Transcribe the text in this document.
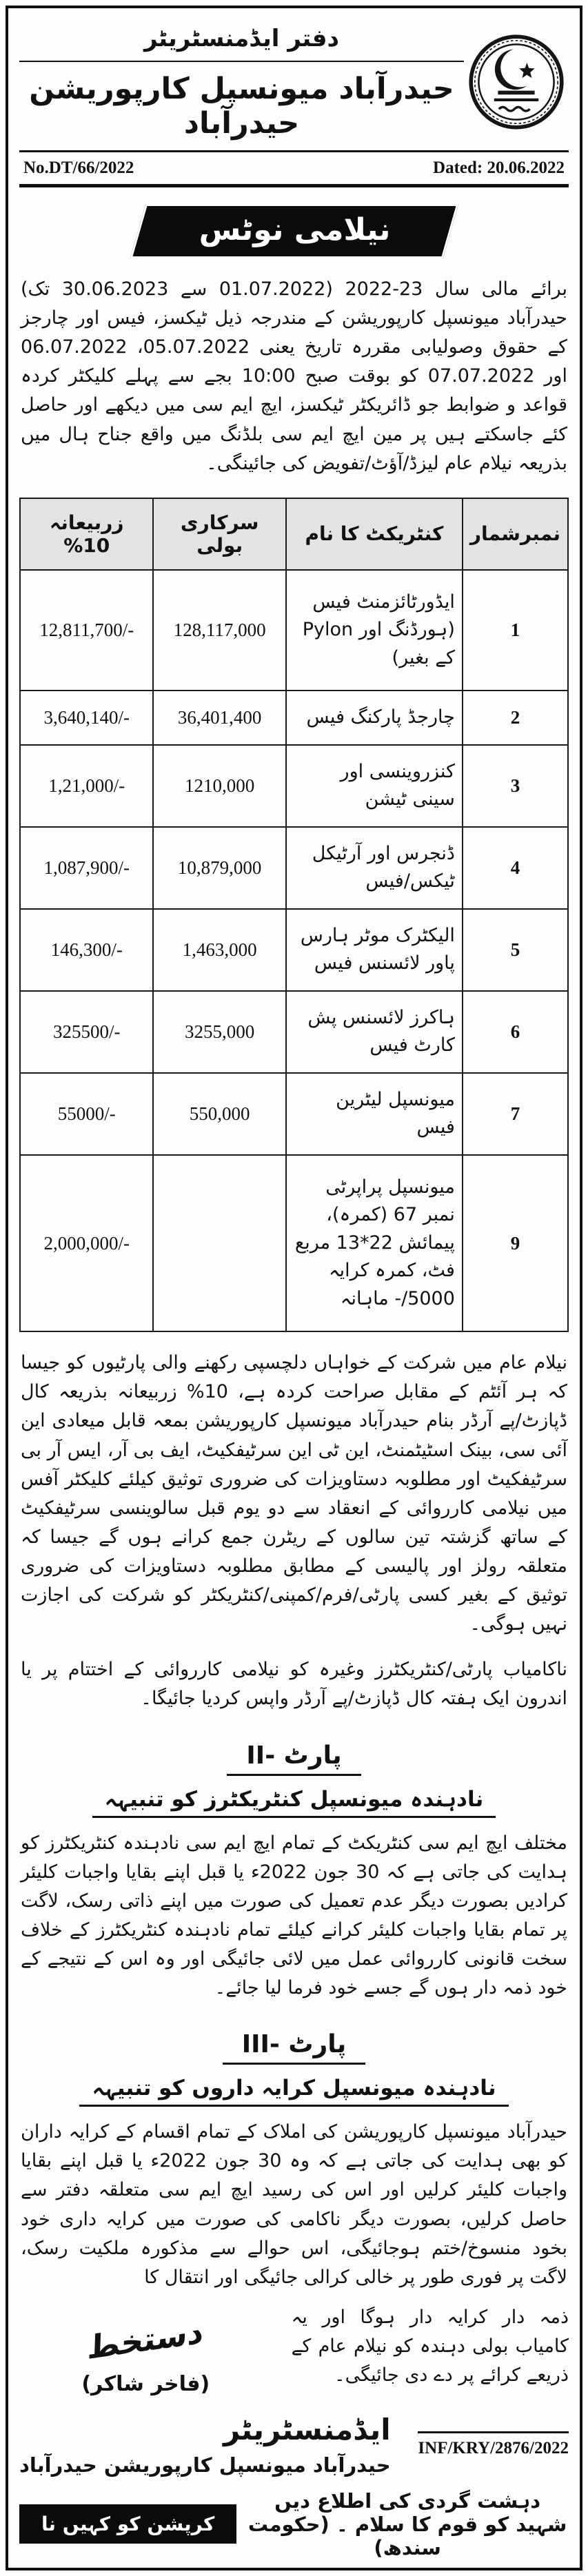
دفتر ایڈمنسٹریٹر
حیدرآباد میونسپل کارپوریشن حیدرآباد
No.DT/66/2022	Dated: 20.06.2022
نیلامی نوٹس

برائے مالی سال 23-2022 (01.07.2022 سے 30.06.2023 تک) حیدرآباد میونسپل کارپوریشن کے مندرجہ ذیل ٹیکسز، فیس اور چارجز کے حقوق وصولیابی مقررہ تاریخ یعنی 05.07.2022، 06.07.2022 اور 07.07.2022 کو بوقت صبح 10:00 بجے سے پہلے کلیکٹر کردہ قواعد و ضوابط جو ڈائریکٹر ٹیکسز، ایچ ایم سی میں دیکھے اور حاصل کئے جاسکتے ہیں پر مین ایچ ایم سی بلڈنگ میں واقع جناح ہال میں بذریعہ نیلام عام لیزڈ/آؤٹ/تفویض کی جائینگی۔

نمبرشمار	کنٹریکٹ کا نام	سرکاری بولی	زربیعانہ 10%
1	ایڈورٹائزمنٹ فیس (ہورڈنگ اور Pylon کے بغیر)	128,117,000	12,811,700/-
2	چارجڈ پارکنگ فیس	36,401,400	3,640,140/-
3	کنزروینسی اور سینی ٹیشن	1210,000	1,21,000/-
4	ڈنجرس اور آرٹیکل ٹیکس/فیس	10,879,000	1,087,900/-
5	الیکٹرک موٹر ہارس پاور لائسنس فیس	1,463,000	146,300/-
6	ہاکرز لائسنس پش کارٹ فیس	3255,000	325500/-
7	میونسپل لیٹرین فیس	550,000	55000/-
9	میونسپل پراپرٹی نمبر 67 (کمرہ)، پیمائش 22*13 مربع فٹ، کمرہ کرایہ 5000/- ماہانہ		2,000,000/-

نیلام عام میں شرکت کے خواہاں دلچسپی رکھنے والی پارٹیوں کو جیسا کہ ہر آئٹم کے مقابل صراحت کردہ ہے، 10% زربیعانہ بذریعہ کال ڈپازٹ/پے آرڈر بنام حیدرآباد میونسپل کارپوریشن بمعہ قابل میعادی این آئی سی، بینک اسٹیٹمنٹ، این ٹی این سرٹیفکیٹ، ایف بی آر، ایس آر بی سرٹیفکیٹ اور مطلوبہ دستاویزات کی ضروری توثیق کیلئے کلیکٹر آفس میں نیلامی کارروائی کے انعقاد سے دو یوم قبل سالوینسی سرٹیفکیٹ کے ساتھ گزشتہ تین سالوں کے ریٹرن جمع کرانے ہوں گے جیسا کہ متعلقہ رولز اور پالیسی کے مطابق مطلوبہ دستاویزات کی ضروری توثیق کے بغیر کسی پارٹی/فرم/کمپنی/کنٹریکٹر کو شرکت کی اجازت نہیں ہوگی۔

ناکامیاب پارٹی/کنٹریکٹرز وغیرہ کو نیلامی کارروائی کے اختتام پر یا اندرون ایک ہفتہ کال ڈپازٹ/پے آرڈر واپس کردیا جائیگا۔

پارٹ -II
نادہندہ میونسپل کنٹریکٹرز کو تنبیہہ

مختلف ایچ ایم سی کنٹریکٹ کے تمام ایچ ایم سی نادہندہ کنٹریکٹرز کو ہدایت کی جاتی ہے کہ 30 جون 2022ء یا قبل اپنے بقایا واجبات کلیئر کرادیں بصورت دیگر عدم تعمیل کی صورت میں اپنے ذاتی رسک، لاگت پر تمام بقایا واجبات کلیئر کرانے کیلئے تمام نادہندہ کنٹریکٹرز کے خلاف سخت قانونی کارروائی عمل میں لائی جائیگی اور وہ اس کے نتیجے کے خود ذمہ دار ہوں گے جسے خود فرما لیا جائے۔

پارٹ -III
نادہندہ میونسپل کرایہ داروں کو تنبیہہ

حیدرآباد میونسپل کارپوریشن کی املاک کے تمام اقسام کے کرایہ داران کو بھی ہدایت کی جاتی ہے کہ وہ 30 جون 2022ء یا قبل اپنے بقایا واجبات کلیئر کرلیں اور اس کی رسید ایچ ایم سی متعلقہ دفتر سے حاصل کرلیں، بصورت دیگر ناکامی کی صورت میں کرایہ داری خود بخود منسوخ/ختم ہوجائیگی، اس حوالے سے مذکورہ ملکیت رسک، لاگت پر فوری طور پر خالی کرالی جائیگی اور انتقال کا

دستخط
(فاخر شاکر)
ذمہ دار کرایہ دار ہوگا اور یہ کامیاب بولی دہندہ کو نیلام عام کے ذریعے کرائے پر دے دی جائیگی۔
ایڈمنسٹریٹر
حیدرآباد میونسپل کارپوریشن حیدرآباد
INF/KRY/2876/2022
کرپشن کو کہیں نا
دہشت گردی کی اطلاع دیں شہید کو قوم کا سلام ۔ (حکومت سندھ)
